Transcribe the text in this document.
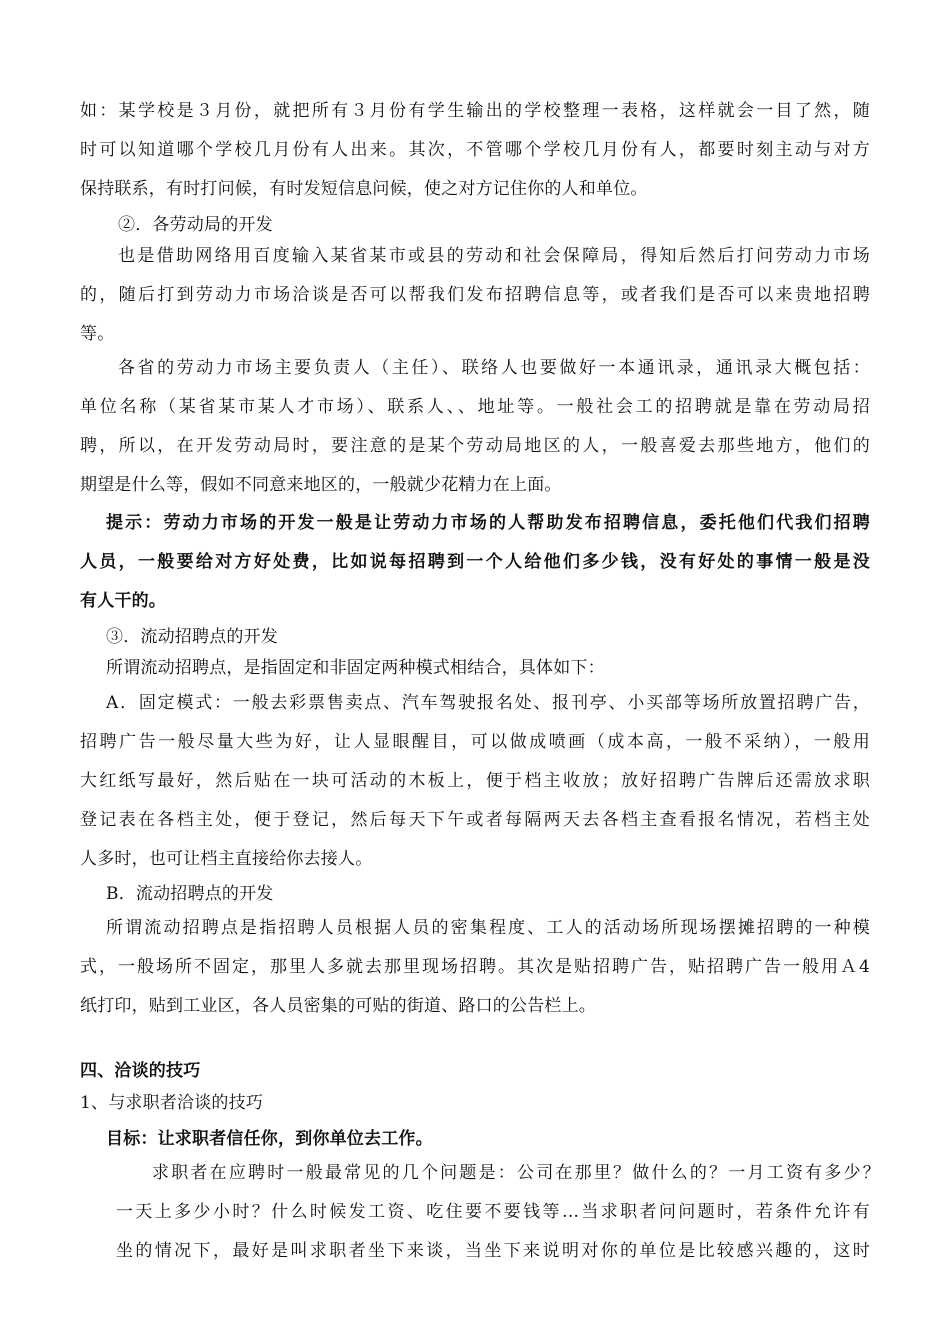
如：某学校是３月份，就把所有３月份有学生输出的学校整理一表格，这样就会一目了然，随
时可以知道哪个学校几月份有人出来。其次，不管哪个学校几月份有人，都要时刻主动与对方
保持联系，有时打问候，有时发短信息问候，使之对方记住你的人和单位。
②．各劳动局的开发
也是借助网络用百度输入某省某市或县的劳动和社会保障局，得知后然后打问劳动力市场
的，随后打到劳动力市场洽谈是否可以帮我们发布招聘信息等，或者我们是否可以来贵地招聘
等。
各省的劳动力市场主要负责人（主任）、联络人也要做好一本通讯录，通讯录大概包括：
单位名称（某省某市某人才市场）、联系人、、地址等。一般社会工的招聘就是靠在劳动局招
聘，所以，在开发劳动局时，要注意的是某个劳动局地区的人，一般喜爱去那些地方，他们的
期望是什么等，假如不同意来地区的，一般就少花精力在上面。
提示：劳动力市场的开发一般是让劳动力市场的人帮助发布招聘信息，委托他们代我们招聘
人员，一般要给对方好处费，比如说每招聘到一个人给他们多少钱，没有好处的事情一般是没
有人干的。
③．流动招聘点的开发
所谓流动招聘点，是指固定和非固定两种模式相结合，具体如下：
A．固定模式：一般去彩票售卖点、汽车驾驶报名处、报刊亭、小买部等场所放置招聘广告，
招聘广告一般尽量大些为好，让人显眼醒目，可以做成喷画（成本高，一般不采纳），一般用
大红纸写最好，然后贴在一块可活动的木板上，便于档主收放；放好招聘广告牌后还需放求职
登记表在各档主处，便于登记，然后每天下午或者每隔两天去各档主查看报名情况，若档主处
人多时，也可让档主直接给你去接人。
B．流动招聘点的开发
所谓流动招聘点是指招聘人员根据人员的密集程度、工人的活动场所现场摆摊招聘的一种模
式，一般场所不固定，那里人多就去那里现场招聘。其次是贴招聘广告，贴招聘广告一般用Ａ4
纸打印，贴到工业区，各人员密集的可贴的街道、路口的公告栏上。
四、洽谈的技巧
1、与求职者洽谈的技巧
目标：让求职者信任你，到你单位去工作。
求职者在应聘时一般最常见的几个问题是：公司在那里？做什么的？一月工资有多少？
一天上多少小时？什么时候发工资、吃住要不要钱等…当求职者问问题时，若条件允许有
坐的情况下，最好是叫求职者坐下来谈，当坐下来说明对你的单位是比较感兴趣的，这时
